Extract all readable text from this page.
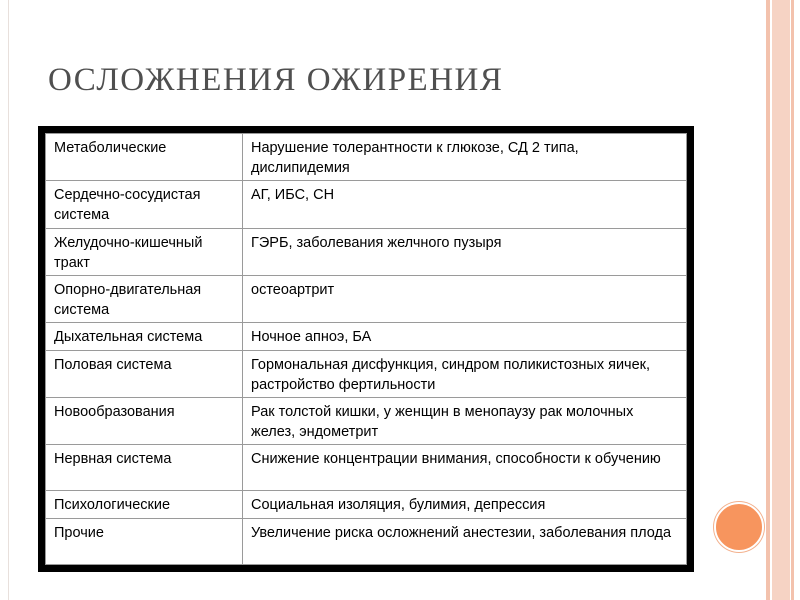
ОСЛОЖНЕНИЯ ОЖИРЕНИЯ
Метаболические	Нарушение толерантности к глюкозе, СД 2 типа, дислипидемия
Сердечно-сосудистая система	АГ, ИБС, СН
Желудочно-кишечный тракт	ГЭРБ, заболевания желчного пузыря
Опорно-двигательная система	остеоартрит
Дыхательная система	Ночное апноэ, БА
Половая система	Гормональная дисфункция, синдром поликистозных яичек, растройство фертильности
Новообразования	Рак толстой кишки, у женщин в менопаузу рак молочных желез, эндометрит
Нервная система	Снижение концентрации внимания, способности к обучению
Психологические	Социальная изоляция, булимия, депрессия
Прочие	Увеличение риска осложнений анестезии, заболевания плода
